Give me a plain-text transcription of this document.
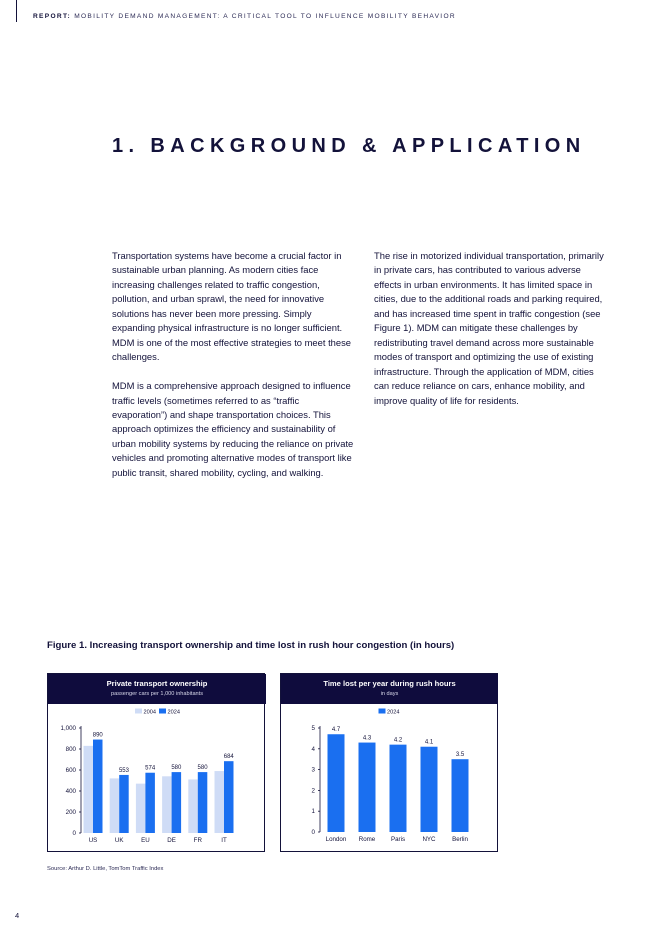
REPORT: MOBILITY DEMAND MANAGEMENT: A CRITICAL TOOL TO INFLUENCE MOBILITY BEHAVIOR
1. BACKGROUND & APPLICATION

Transportation systems have become a crucial factor in sustainable urban planning. As modern cities face increasing challenges related to traffic congestion, pollution, and urban sprawl, the need for innovative solutions has never been more pressing. Simply expanding physical infrastructure is no longer sufficient. MDM is one of the most effective strategies to meet these challenges.

MDM is a comprehensive approach designed to influence traffic levels (sometimes referred to as “traffic evaporation”) and shape transportation choices. This approach optimizes the efficiency and sustainability of urban mobility systems by reducing the reliance on private vehicles and promoting alternative modes of transport like public transit, shared mobility, cycling, and walking.

The rise in motorized individual transportation, primarily in private cars, has contributed to various adverse effects in urban environments. It has limited space in cities, due to the additional roads and parking required, and has increased time spent in traffic congestion (see Figure 1). MDM can mitigate these challenges by redistributing travel demand across more sustainable modes of transport and optimizing the use of existing infrastructure. Through the application of MDM, cities can reduce reliance on cars, enhance mobility, and improve quality of life for residents.

Figure 1. Increasing transport ownership and time lost in rush hour congestion (in hours)
Private transport ownership
passenger cars per 1,000 inhabitants
2004 2024
0
200
400
600
800
1,000
890
US
553
UK
574
EU
580
DE
580
FR
684
IT
Time lost per year during rush hours
in days
2024
0
1
2
3
4
5	4.7
London
4.3
Rome
4.2
Paris
4.1
NYC
3.5
Berlin
Source: Arthur D. Little, TomTom Traffic Index
4
